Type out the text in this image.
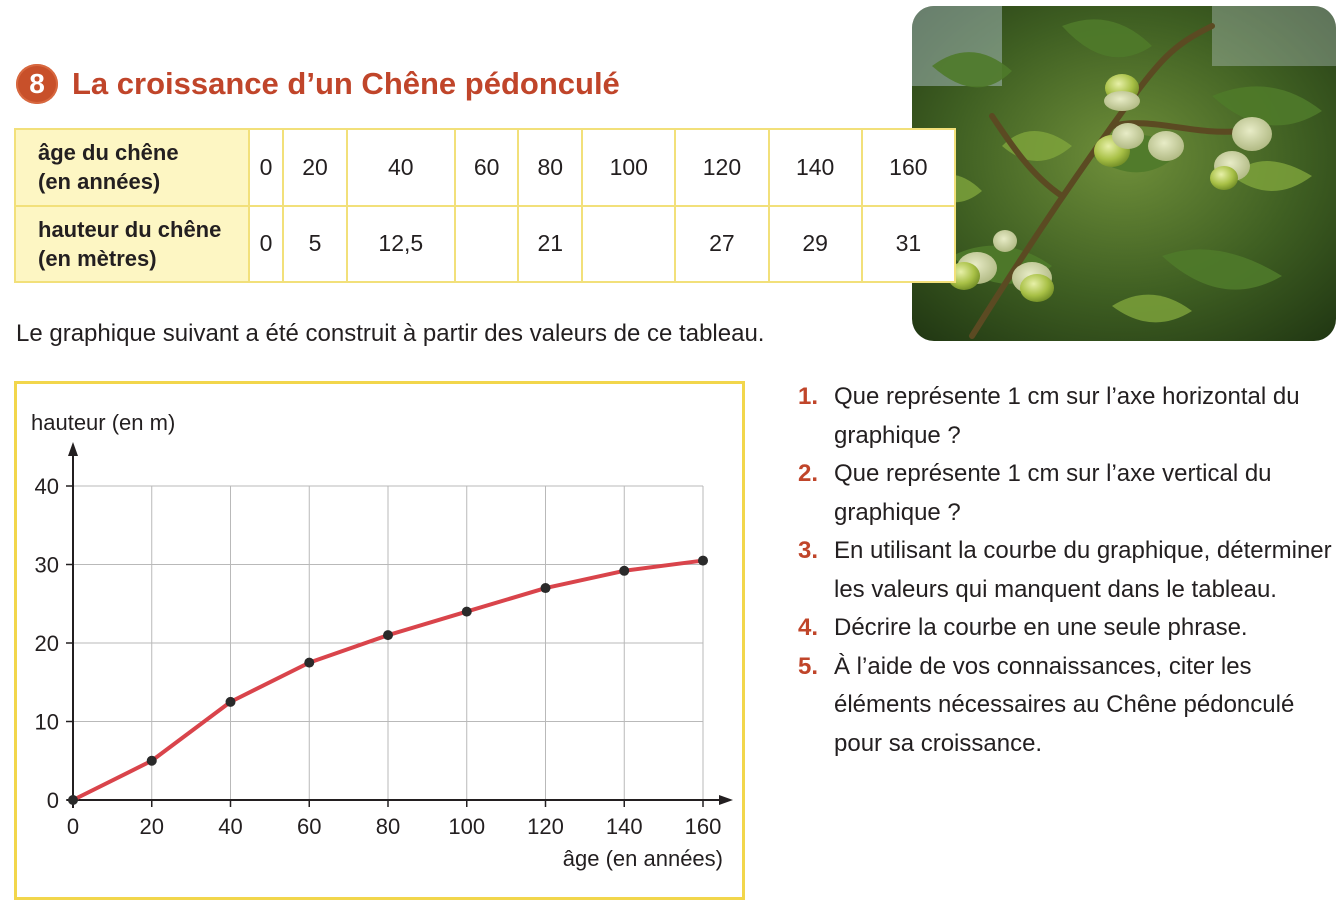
8 La croissance d’un Chêne pédonculé
âge du chêne
(en années)	0	20	40	60	80	100	120	140	160

hauteur du chêne
(en mètres)	0	5	12,5		21		27	29	31
Le graphique suivant a été construit à partir des valeurs de ce tableau.
0	20 40 60 80 100 120 140 160
0
10
20
30
40
hauteur (en m)
âge (en années)
1. Que représente 1 cm sur l’axe horizontal du graphique ?
2. Que représente 1 cm sur l’axe vertical du graphique ?
3. En utilisant la courbe du graphique, déterminer les valeurs qui manquent dans le tableau.
4. Décrire la courbe en une seule phrase.
5. À l’aide de vos connaissances, citer les éléments nécessaires au Chêne pédonculé pour sa croissance.
